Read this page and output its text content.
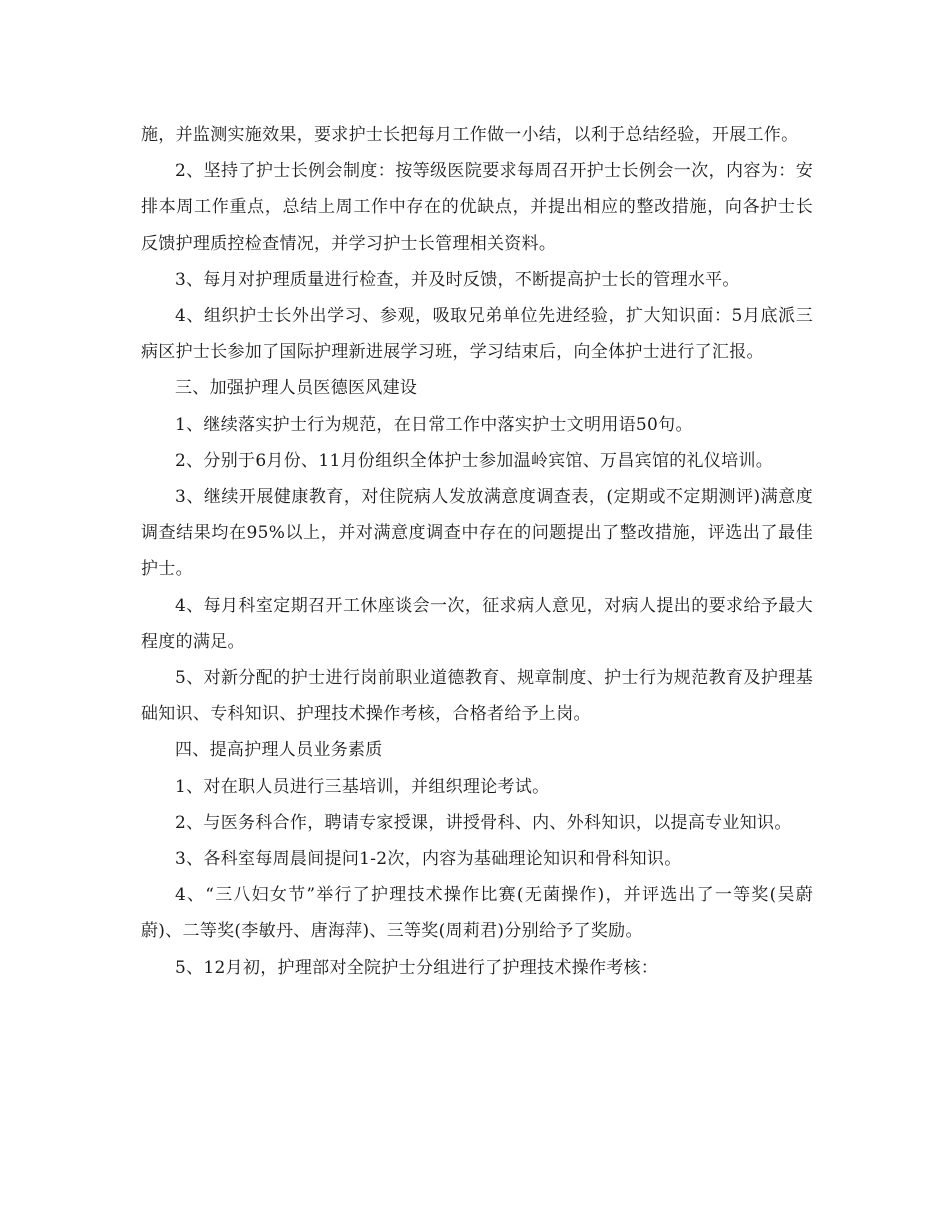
施，并监测实施效果，要求护士长把每月工作做一小结，以利于总结经验，开展工作。

2、坚持了护士长例会制度：按等级医院要求每周召开护士长例会一次，内容为：安排本周工作重点，总结上周工作中存在的优缺点，并提出相应的整改措施，向各护士长反馈护理质控检查情况，并学习护士长管理相关资料。

3、每月对护理质量进行检查，并及时反馈，不断提高护士长的管理水平。

4、组织护士长外出学习、参观，吸取兄弟单位先进经验，扩大知识面：5月底派三病区护士长参加了国际护理新进展学习班，学习结束后，向全体护士进行了汇报。

三、加强护理人员医德医风建设

1、继续落实护士行为规范，在日常工作中落实护士文明用语50句。

2、分别于6月份、11月份组织全体护士参加温岭宾馆、万昌宾馆的礼仪培训。

3、继续开展健康教育，对住院病人发放满意度调查表，(定期或不定期测评)满意度调查结果均在95%以上，并对满意度调查中存在的问题提出了整改措施，评选出了最佳护士。

4、每月科室定期召开工休座谈会一次，征求病人意见，对病人提出的要求给予最大程度的满足。

5、对新分配的护士进行岗前职业道德教育、规章制度、护士行为规范教育及护理基础知识、专科知识、护理技术操作考核，合格者给予上岗。

四、提高护理人员业务素质

1、对在职人员进行三基培训，并组织理论考试。

2、与医务科合作，聘请专家授课，讲授骨科、内、外科知识，以提高专业知识。

3、各科室每周晨间提问1-2次，内容为基础理论知识和骨科知识。

4、“三八妇女节”举行了护理技术操作比赛(无菌操作)，并评选出了一等奖(吴蔚蔚)、二等奖(李敏丹、唐海萍)、三等奖(周莉君)分别给予了奖励。

5、12月初，护理部对全院护士分组进行了护理技术操作考核：
